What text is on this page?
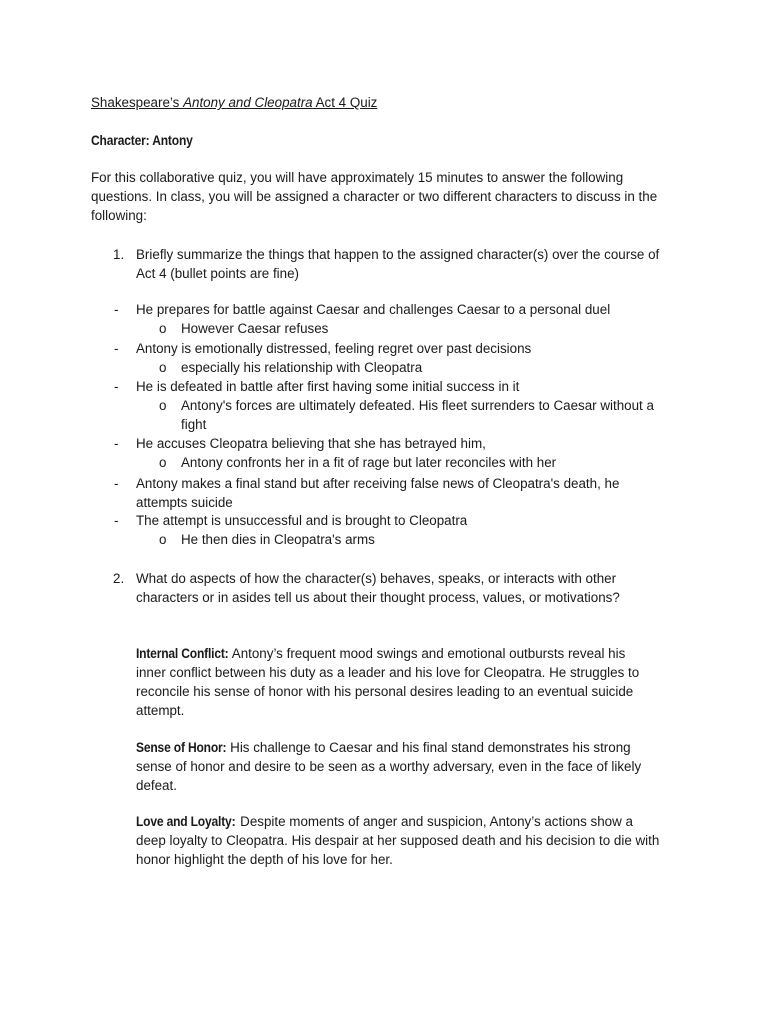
Shakespeare’s Antony and Cleopatra Act 4 Quiz
Character: Antony
For this collaborative quiz, you will have approximately 15 minutes to answer the following
questions. In class, you will be assigned a character or two different characters to discuss in the
following:
1. Briefly summarize the things that happen to the assigned character(s) over the course of
Act 4 (bullet points are fine)
- He prepares for battle against Caesar and challenges Caesar to a personal duel
o However Caesar refuses
- Antony is emotionally distressed, feeling regret over past decisions
o especially his relationship with Cleopatra
- He is defeated in battle after first having some initial success in it
o Antony's forces are ultimately defeated. His fleet surrenders to Caesar without a
fight
- He accuses Cleopatra believing that she has betrayed him,
o Antony confronts her in a fit of rage but later reconciles with her
- Antony makes a final stand but after receiving false news of Cleopatra's death, he
attempts suicide
- The attempt is unsuccessful and is brought to Cleopatra
o He then dies in Cleopatra's arms
2. What do aspects of how the character(s) behaves, speaks, or interacts with other
characters or in asides tell us about their thought process, values, or motivations?
Internal Conflict: Antony’s frequent mood swings and emotional outbursts reveal his
inner conflict between his duty as a leader and his love for Cleopatra. He struggles to
reconcile his sense of honor with his personal desires leading to an eventual suicide
attempt.
Sense of Honor: His challenge to Caesar and his final stand demonstrates his strong
sense of honor and desire to be seen as a worthy adversary, even in the face of likely
defeat.
Love and Loyalty: Despite moments of anger and suspicion, Antony’s actions show a
deep loyalty to Cleopatra. His despair at her supposed death and his decision to die with
honor highlight the depth of his love for her.
